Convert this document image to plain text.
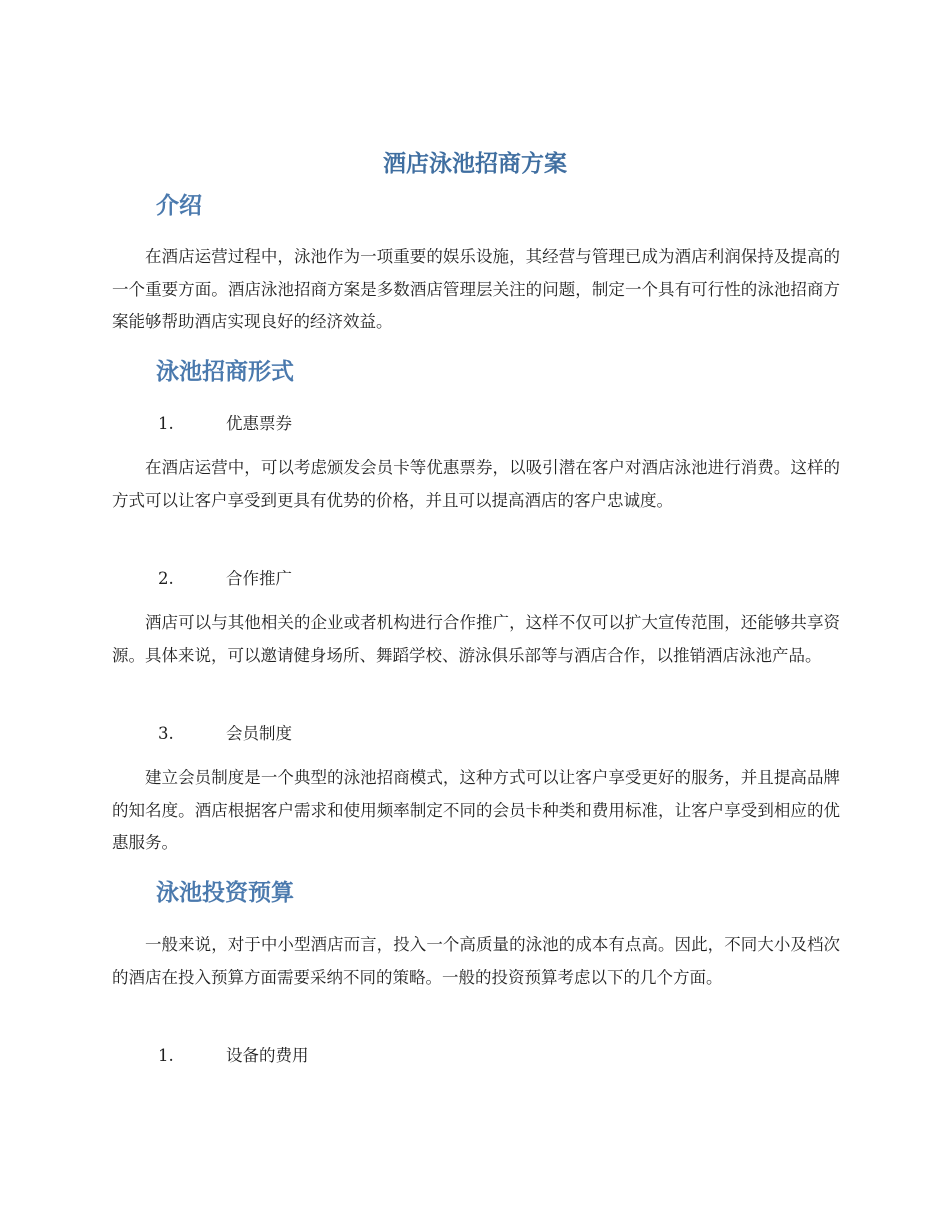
酒店泳池招商方案
介绍

在酒店运营过程中，泳池作为一项重要的娱乐设施，其经营与管理已成为酒店利润保持及提高的一个重要方面。酒店泳池招商方案是多数酒店管理层关注的问题，制定一个具有可行性的泳池招商方案能够帮助酒店实现良好的经济效益。

泳池招商形式
1.	优惠票券

在酒店运营中，可以考虑颁发会员卡等优惠票券，以吸引潜在客户对酒店泳池进行消费。这样的方式可以让客户享受到更具有优势的价格，并且可以提高酒店的客户忠诚度。

2.	合作推广

酒店可以与其他相关的企业或者机构进行合作推广，这样不仅可以扩大宣传范围，还能够共享资源。具体来说，可以邀请健身场所、舞蹈学校、游泳俱乐部等与酒店合作，以推销酒店泳池产品。

3.	会员制度

建立会员制度是一个典型的泳池招商模式，这种方式可以让客户享受更好的服务，并且提高品牌的知名度。酒店根据客户需求和使用频率制定不同的会员卡种类和费用标准，让客户享受到相应的优惠服务。

泳池投资预算

一般来说，对于中小型酒店而言，投入一个高质量的泳池的成本有点高。因此，不同大小及档次的酒店在投入预算方面需要采纳不同的策略。一般的投资预算考虑以下的几个方面。

1.	设备的费用
